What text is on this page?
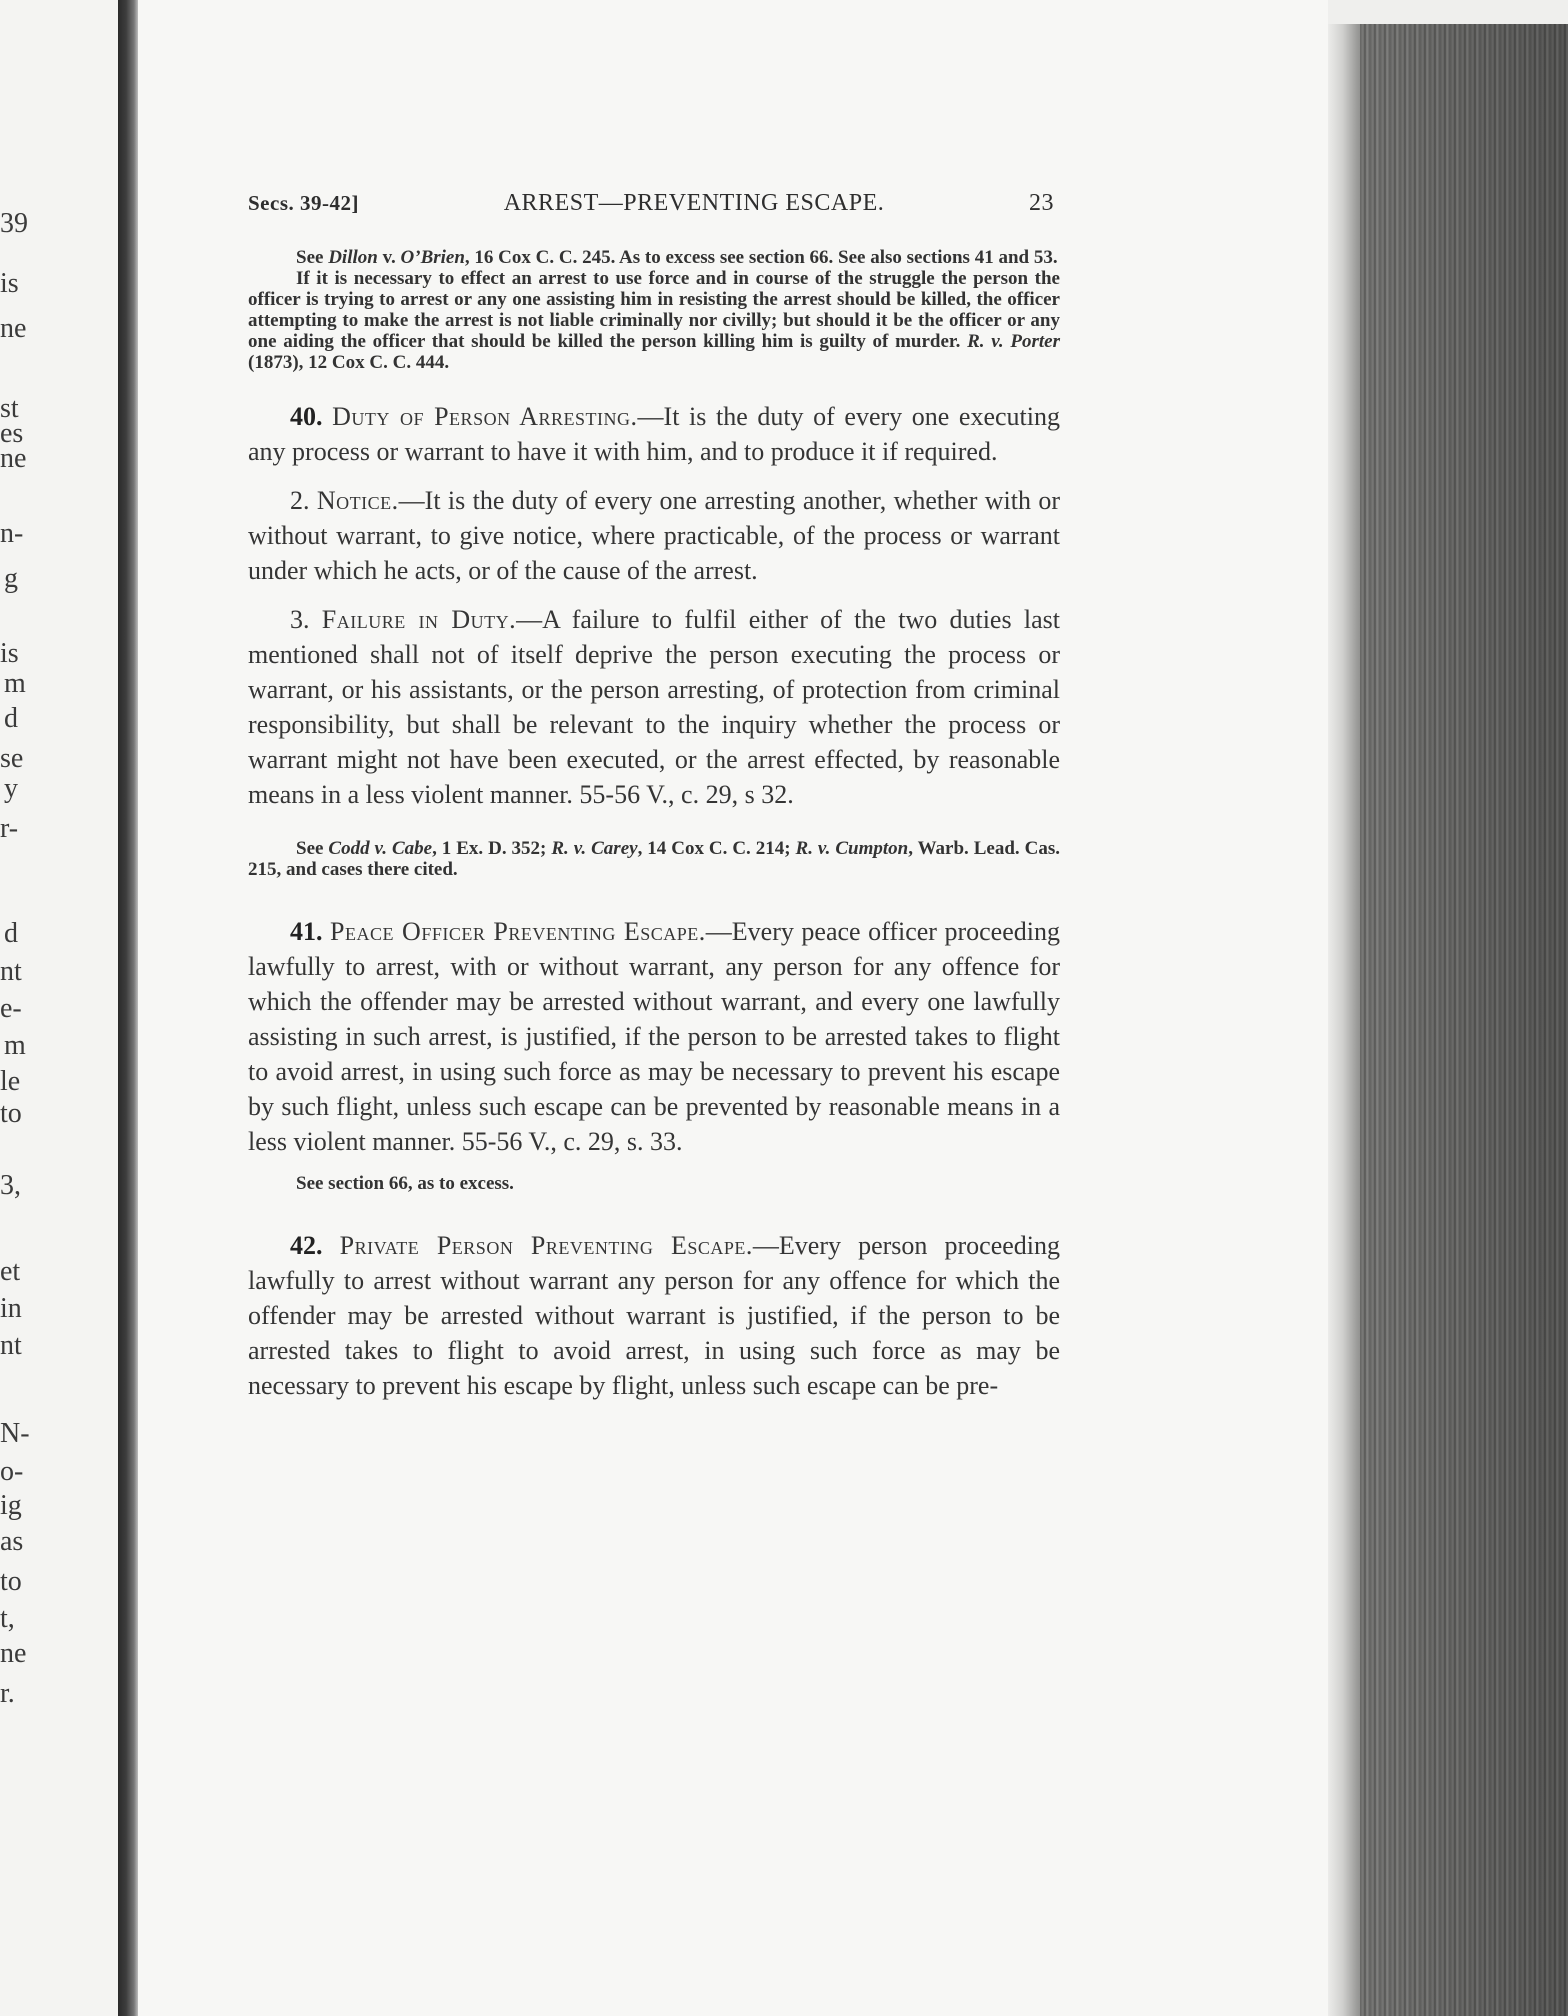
39
is
ne
st
es
ne
n-
g
is
m
d
se
y
r-
d
nt
e-
m
le
to
3,
et
in
nt
N-
o-
ig
as
to
t,
ne
r.
Secs. 39-42]	ARREST—PREVENTING ESCAPE.	23

See Dillon v. O’Brien, 16 Cox C. C. 245. As to excess see section 66. See also sections 41 and 53.

If it is necessary to effect an arrest to use force and in course of the struggle the person the officer is trying to arrest or any one assisting him in resisting the arrest should be killed, the officer attempting to make the arrest is not liable criminally nor civilly; but should it be the officer or any one aiding the officer that should be killed the person killing him is guilty of murder. R. v. Porter (1873), 12 Cox C. C. 444.

40. Duty of Person Arresting.—It is the duty of every one executing any process or warrant to have it with him, and to produce it if required.

2. Notice.—It is the duty of every one arresting another, whether with or without warrant, to give notice, where practicable, of the process or warrant under which he acts, or of the cause of the arrest.

3. Failure in Duty.—A failure to fulfil either of the two duties last mentioned shall not of itself deprive the person executing the process or warrant, or his assistants, or the person arresting, of protection from criminal responsibility, but shall be relevant to the inquiry whether the process or warrant might not have been executed, or the arrest effected, by reasonable means in a less violent manner. 55-56 V., c. 29, s 32.

See Codd v. Cabe, 1 Ex. D. 352; R. v. Carey, 14 Cox C. C. 214; R. v. Cumpton, Warb. Lead. Cas. 215, and cases there cited.

41. Peace Officer Preventing Escape.—Every peace officer proceeding lawfully to arrest, with or without warrant, any person for any offence for which the offender may be arrested without warrant, and every one lawfully assisting in such arrest, is justified, if the person to be arrested takes to flight to avoid arrest, in using such force as may be necessary to prevent his escape by such flight, unless such escape can be prevented by reasonable means in a less violent manner. 55-56 V., c. 29, s. 33.

See section 66, as to excess.

42. Private Person Preventing Escape.—Every person proceeding lawfully to arrest without warrant any person for any offence for which the offender may be arrested without warrant is justified, if the person to be arrested takes to flight to avoid arrest, in using such force as may be necessary to prevent his escape by flight, unless such escape can be pre-
